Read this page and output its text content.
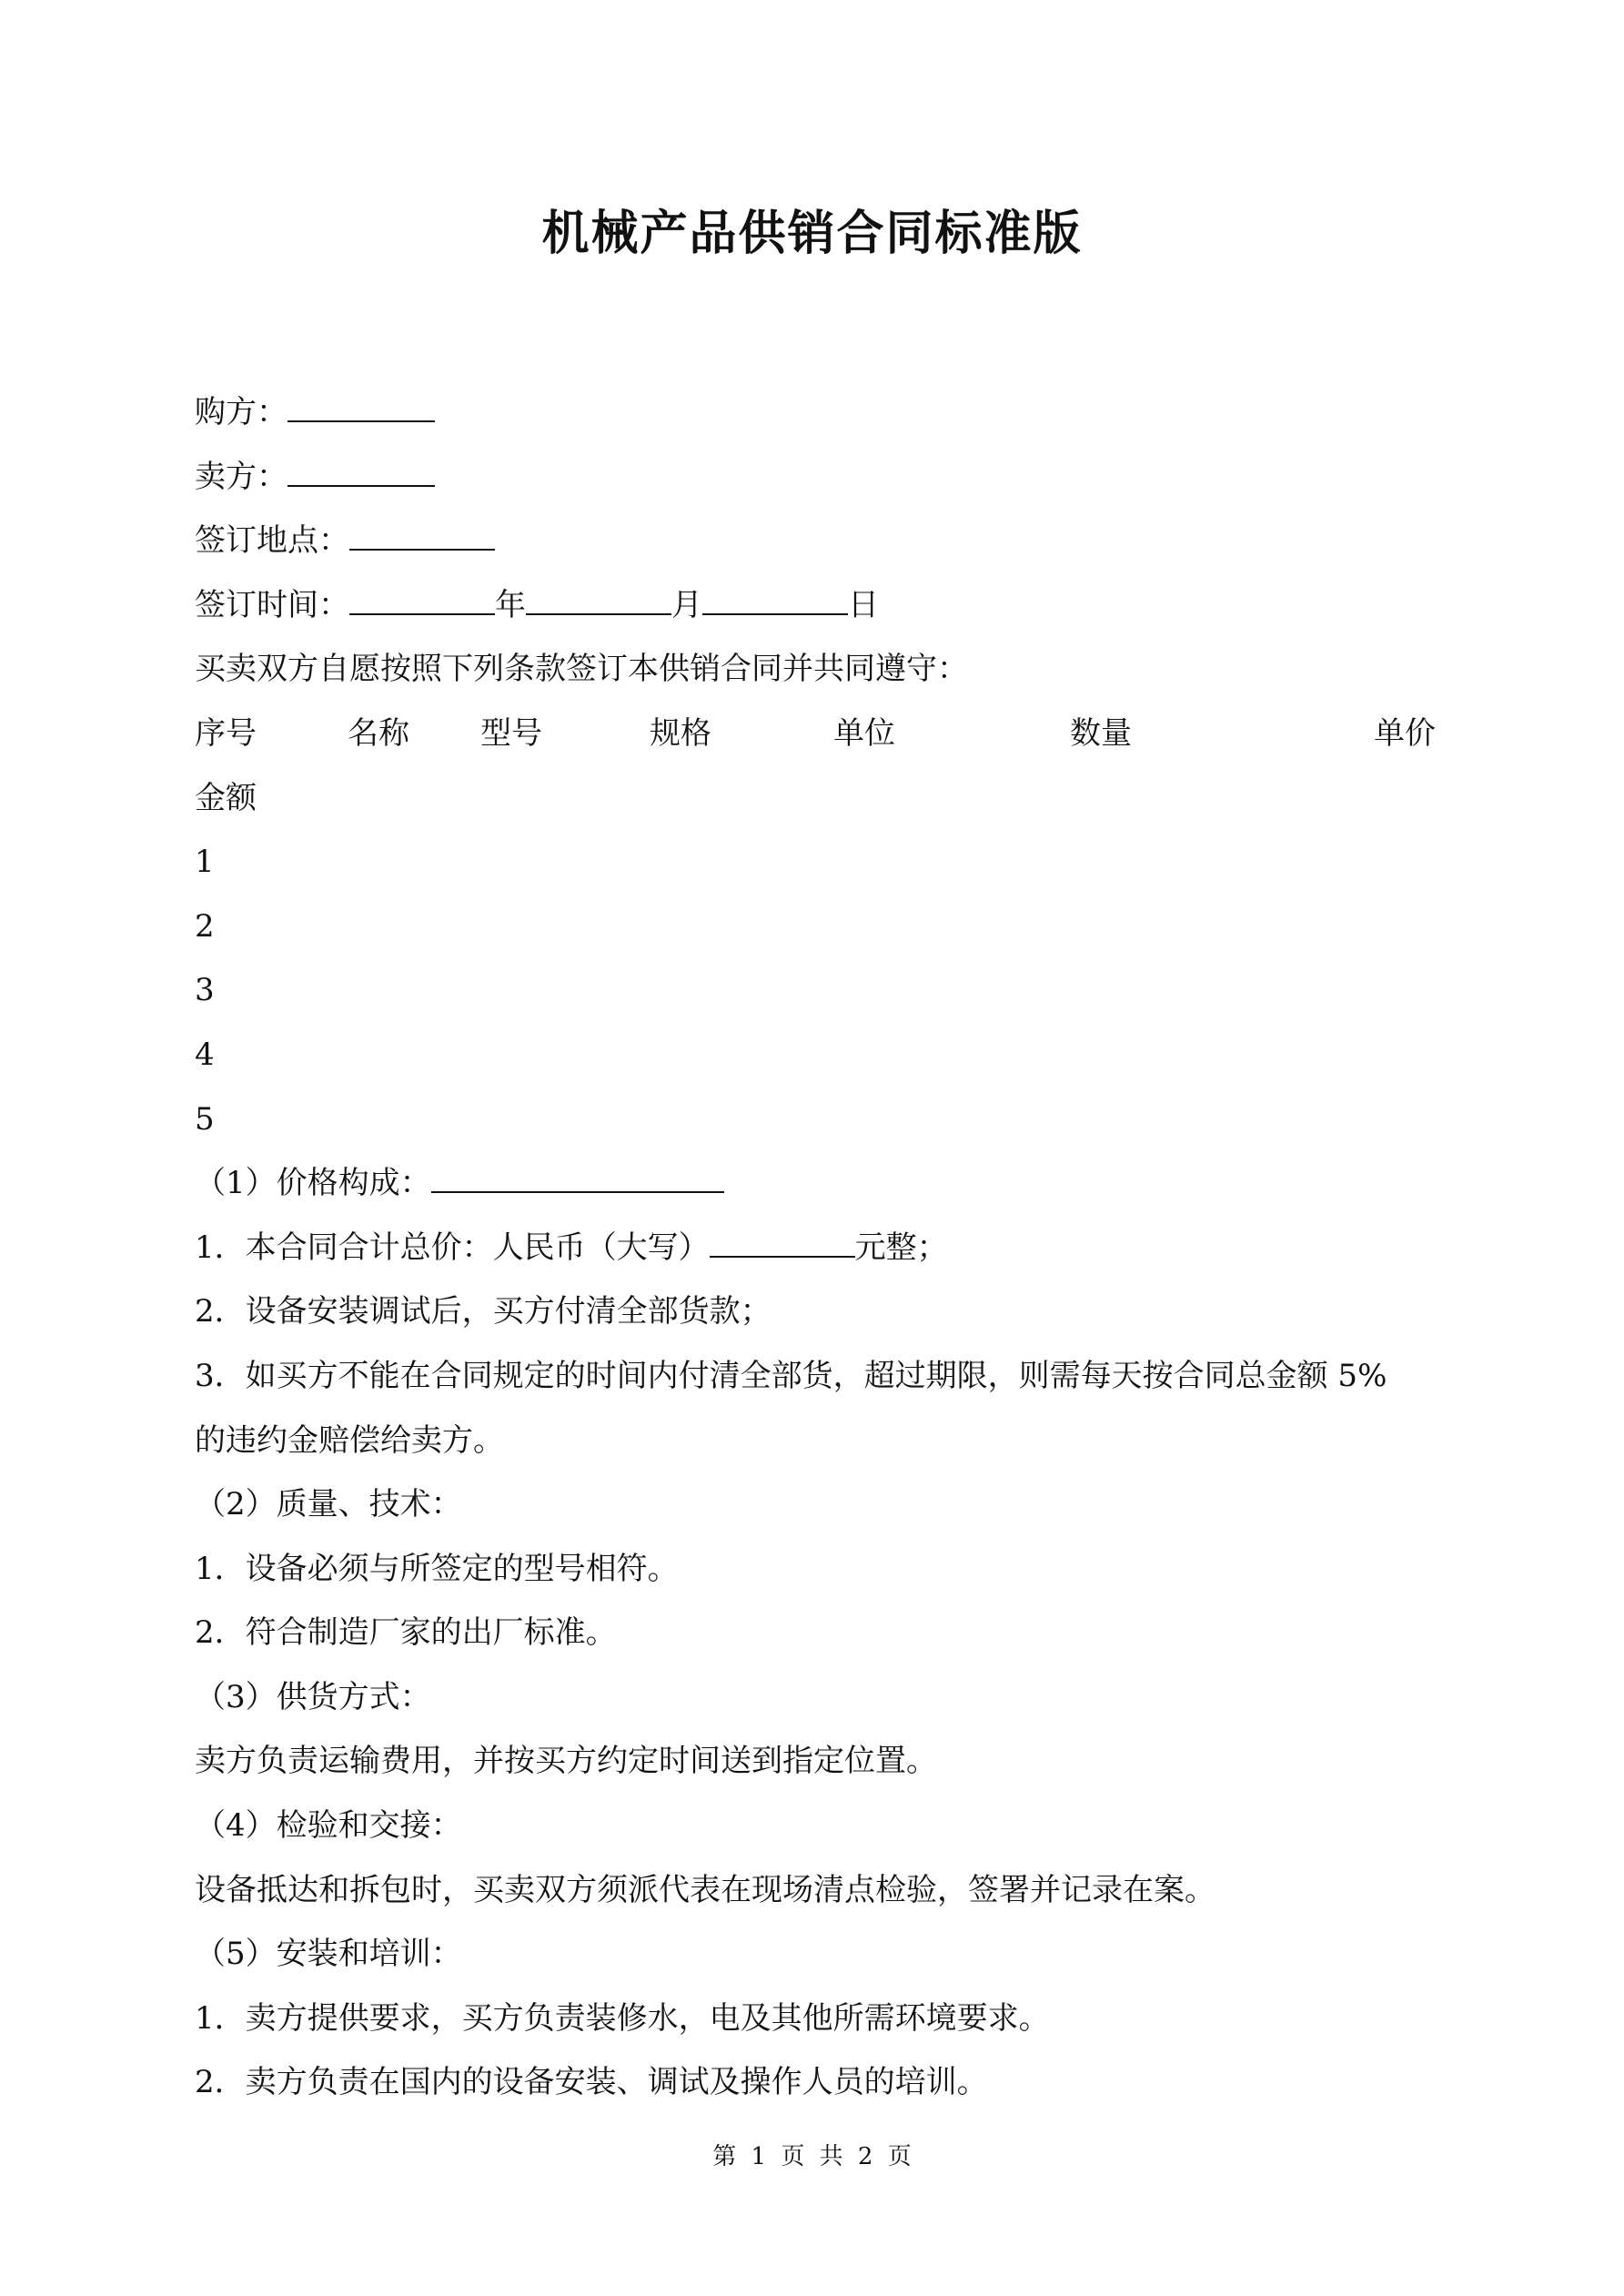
机械产品供销合同标准版
购方：
卖方：
签订地点：
签订时间：	年	月	日
买卖双方自愿按照下列条款签订本供销合同并共同遵守：
序号	名称 型号	规格	单位	数量	单价
金额
1
2
3
4
5
（1）价格构成：
1．本合同合计总价：人民币（大写）	元整；
2．设备安装调试后，买方付清全部货款；
3．如买方不能在合同规定的时间内付清全部货，超过期限，则需每天按合同总金额 5%
的违约金赔偿给卖方。
（2）质量、技术：
1．设备必须与所签定的型号相符。
2．符合制造厂家的出厂标准。
（3）供货方式：
卖方负责运输费用，并按买方约定时间送到指定位置。
（4）检验和交接：
设备抵达和拆包时，买卖双方须派代表在现场清点检验，签署并记录在案。
（5）安装和培训：
1．卖方提供要求，买方负责装修水，电及其他所需环境要求。
2．卖方负责在国内的设备安装、调试及操作人员的培训。
第 1 页 共 2 页
